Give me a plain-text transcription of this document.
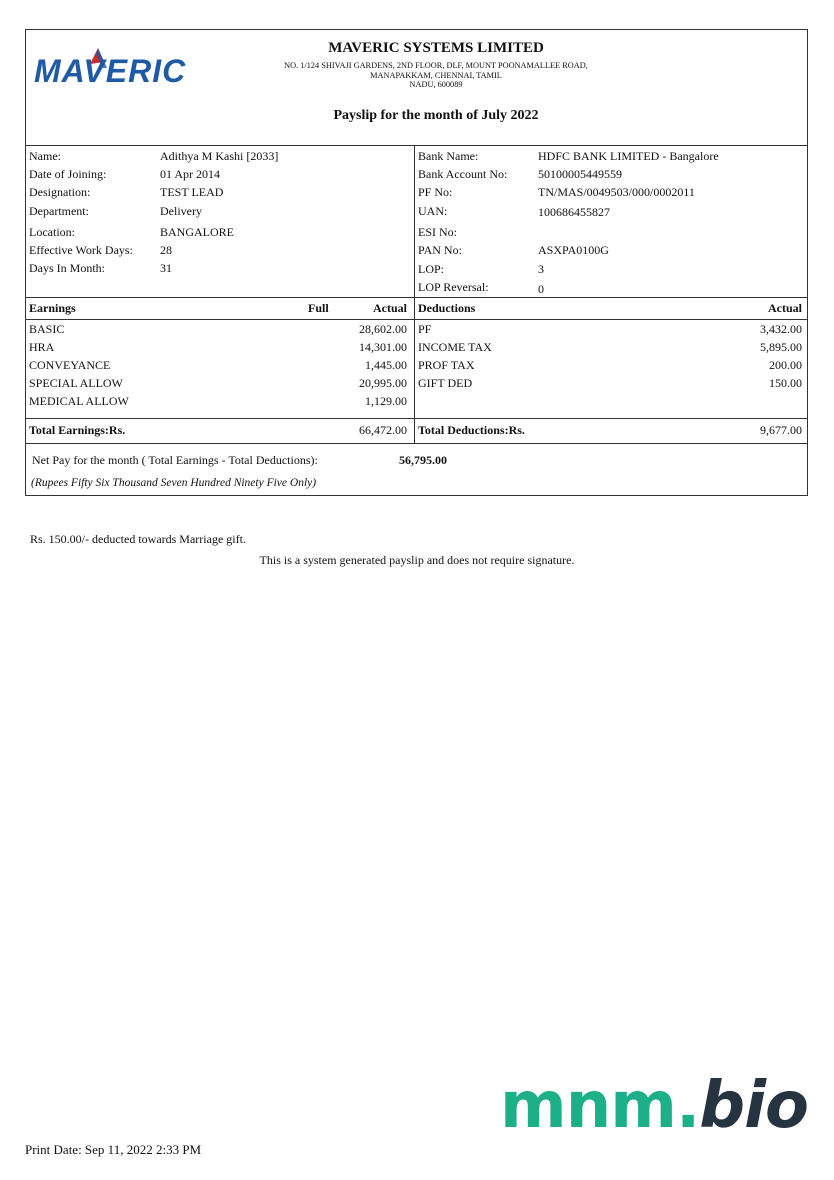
MAVERIC
MAVERIC SYSTEMS LIMITED
NO. 1/124 SHIVAJI GARDENS, 2ND FLOOR, DLF, MOUNT POONAMALLEE ROAD,
MANAPAKKAM, CHENNAI, TAMIL
NADU, 600089
Payslip for the month of July 2022
Name:	Adithya M Kashi [2033]
Date of Joining:	01 Apr 2014
Designation:	TEST LEAD
Department:	Delivery
Location:	BANGALORE
Effective Work Days: 28
Days In Month:	31
Bank Name:	HDFC BANK LIMITED - Bangalore
Bank Account No:	50100005449559
PF No:	TN/MAS/0049503/000/0002011
UAN:	100686455827
ESI No:
PAN No:	ASXPA0100G
LOP:	3
LOP Reversal:	0
Earnings	Full	Actual Deductions	Actual
BASIC	28,602.00
HRA	14,301.00
CONVEYANCE	1,445.00
SPECIAL ALLOW	20,995.00
MEDICAL ALLOW	1,129.00
PF	3,432.00
INCOME TAX	5,895.00
PROF TAX	200.00
GIFT DED	150.00
Total Earnings:Rs.	66,472.00 Total Deductions:Rs.	9,677.00
Net Pay for the month ( Total Earnings - Total Deductions):	56,795.00
(Rupees Fifty Six Thousand Seven Hundred Ninety Five Only)
Rs. 150.00/- deducted towards Marriage gift.
This is a system generated payslip and does not require signature.
mnm.bio
Print Date: Sep 11, 2022 2:33 PM
